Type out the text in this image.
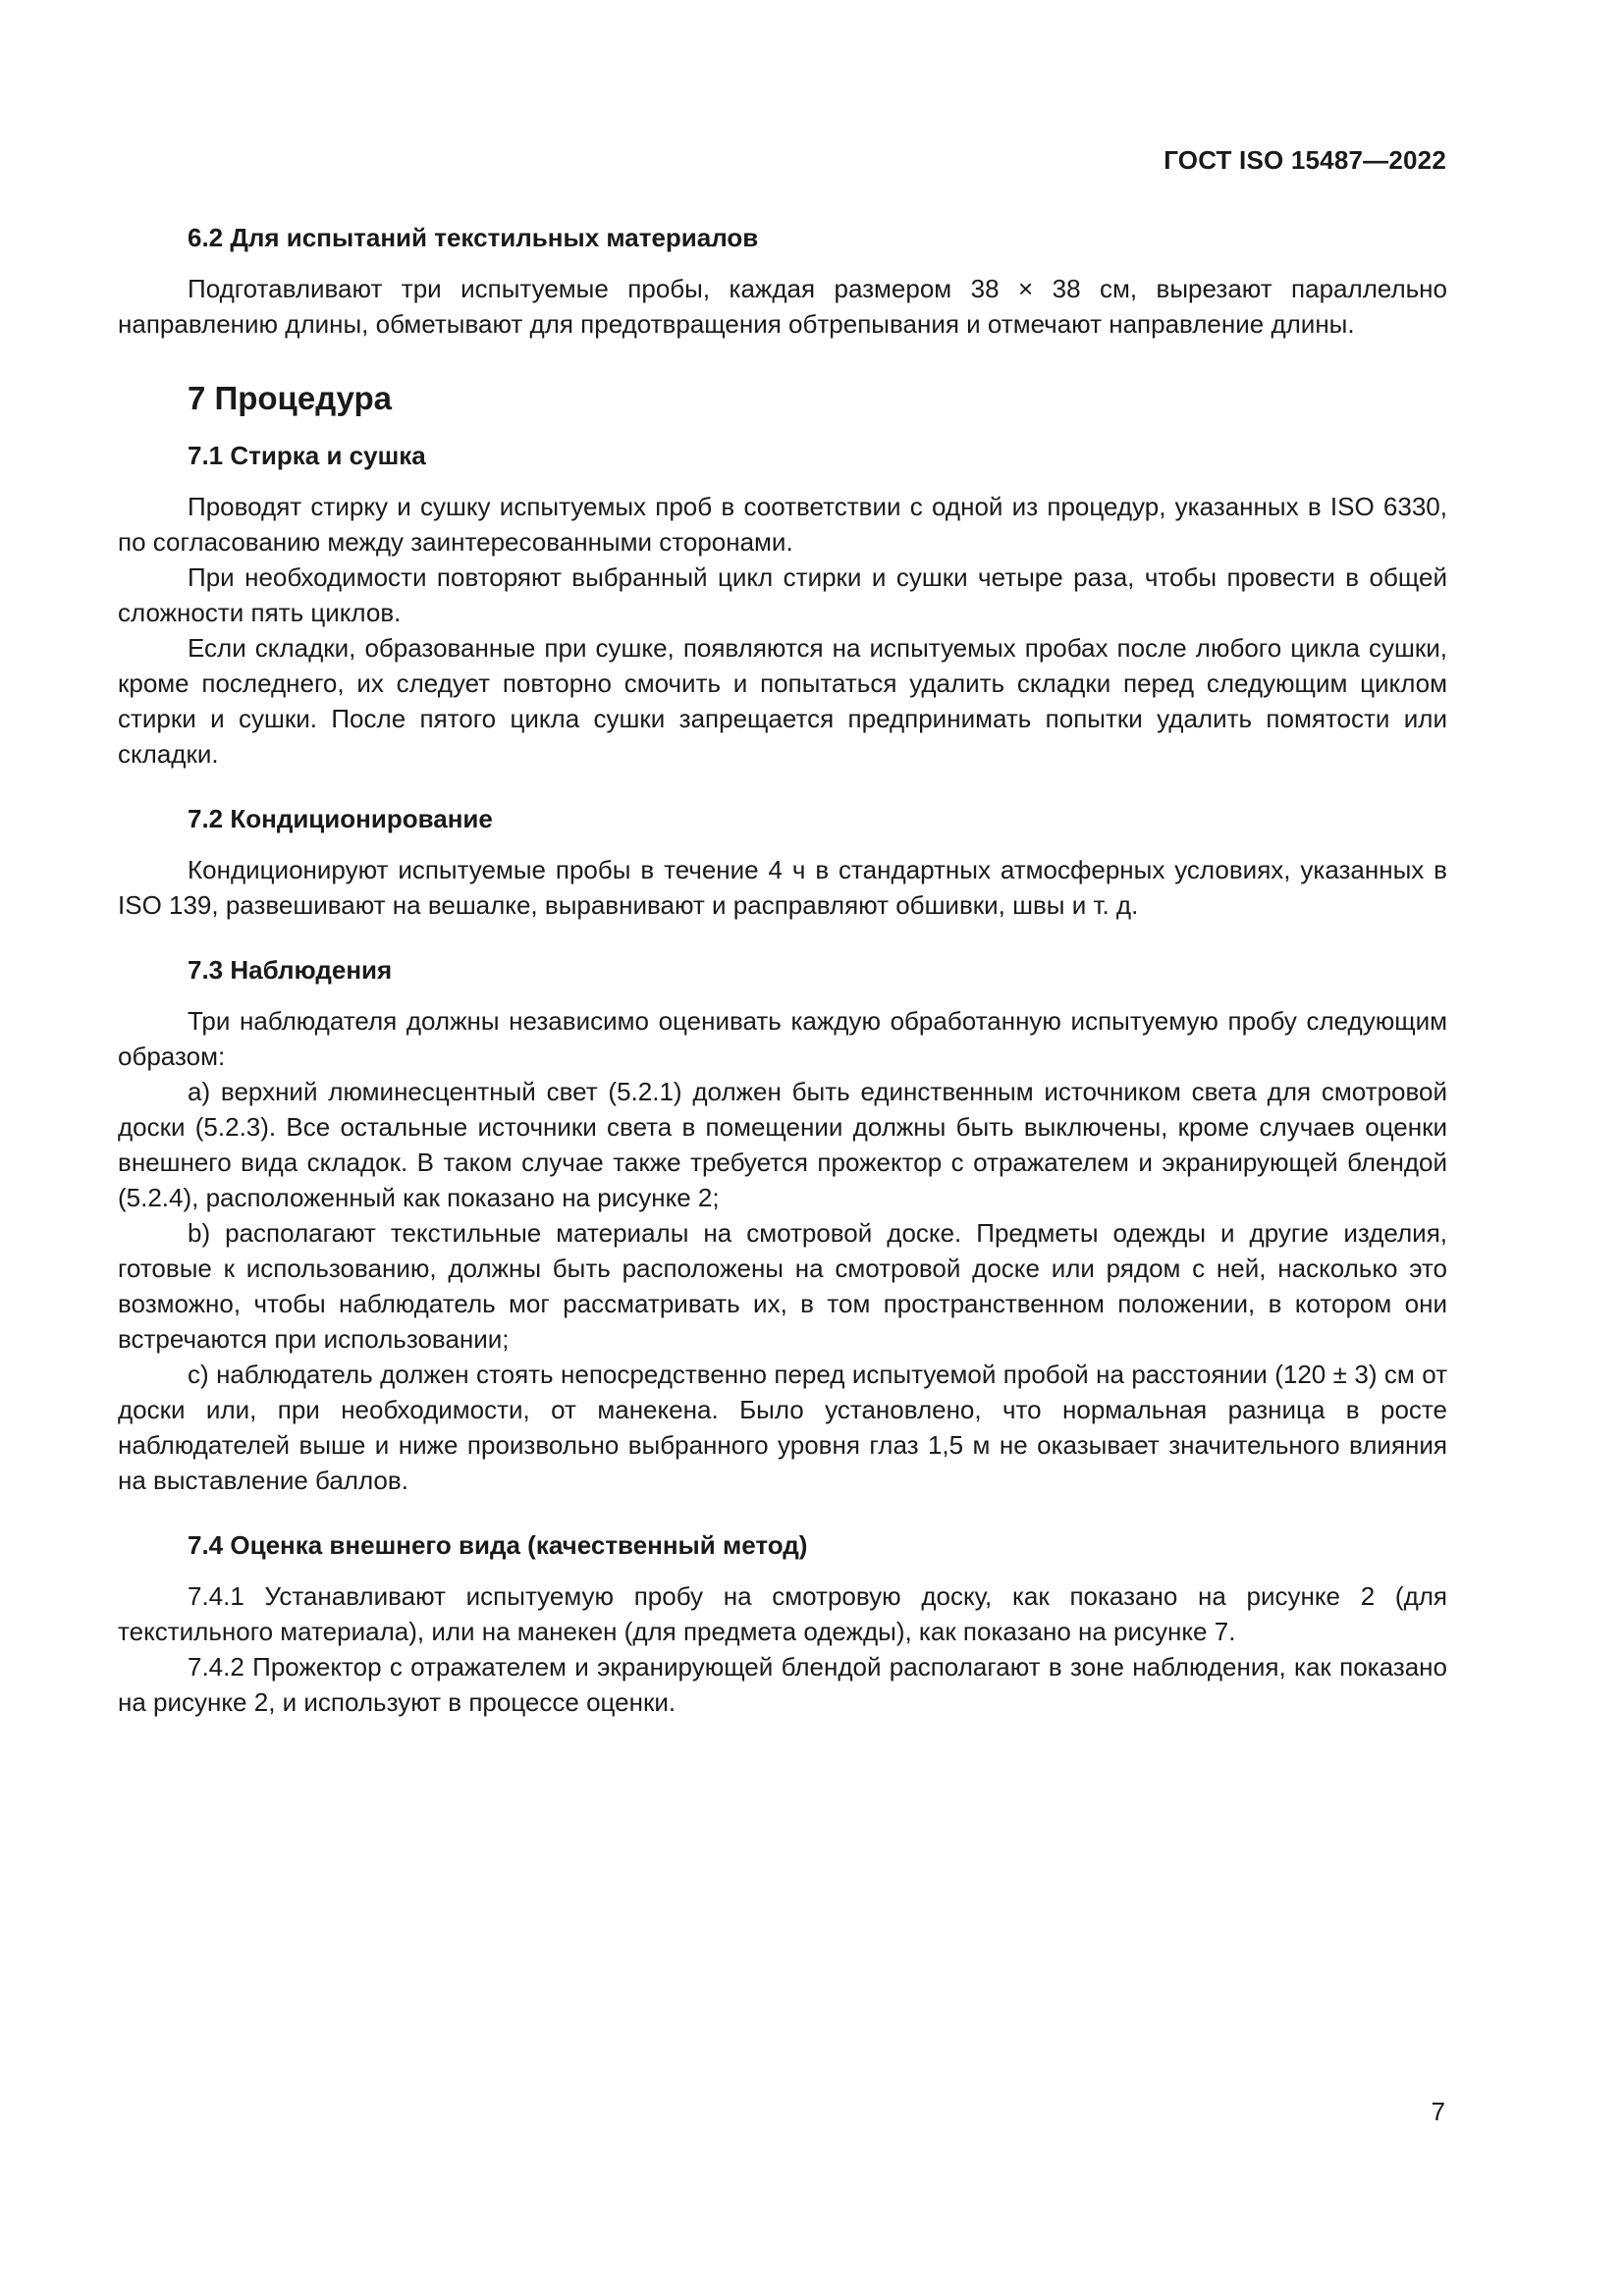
ГОСТ ISO 15487—2022
6.2 Для испытаний текстильных материалов

Подготавливают три испытуемые пробы, каждая размером 38 × 38 см, вырезают параллельно направлению длины, обметывают для предотвращения обтрепывания и отмечают направление длины.

7 Процедура
7.1 Стирка и сушка

Проводят стирку и сушку испытуемых проб в соответствии с одной из процедур, указанных в ISO 6330, по согласованию между заинтересованными сторонами.

При необходимости повторяют выбранный цикл стирки и сушки четыре раза, чтобы провести в общей сложности пять циклов.

Если складки, образованные при сушке, появляются на испытуемых пробах после любого цикла сушки, кроме последнего, их следует повторно смочить и попытаться удалить складки перед следующим циклом стирки и сушки. После пятого цикла сушки запрещается предпринимать попытки удалить помятости или складки.

7.2 Кондиционирование

Кондиционируют испытуемые пробы в течение 4 ч в стандартных атмосферных условиях, указанных в ISO 139, развешивают на вешалке, выравнивают и расправляют обшивки, швы и т. д.

7.3 Наблюдения

Три наблюдателя должны независимо оценивать каждую обработанную испытуемую пробу следующим образом:

a) верхний люминесцентный свет (5.2.1) должен быть единственным источником света для смотровой доски (5.2.3). Все остальные источники света в помещении должны быть выключены, кроме случаев оценки внешнего вида складок. В таком случае также требуется прожектор с отражателем и экранирующей блендой (5.2.4), расположенный как показано на рисунке 2;

b) располагают текстильные материалы на смотровой доске. Предметы одежды и другие изделия, готовые к использованию, должны быть расположены на смотровой доске или рядом с ней, насколько это возможно, чтобы наблюдатель мог рассматривать их, в том пространственном положении, в котором они встречаются при использовании;

c) наблюдатель должен стоять непосредственно перед испытуемой пробой на расстоянии (120 ± 3) см от доски или, при необходимости, от манекена. Было установлено, что нормальная разница в росте наблюдателей выше и ниже произвольно выбранного уровня глаз 1,5 м не оказывает значительного влияния на выставление баллов.

7.4 Оценка внешнего вида (качественный метод)

7.4.1 Устанавливают испытуемую пробу на смотровую доску, как показано на рисунке 2 (для текстильного материала), или на манекен (для предмета одежды), как показано на рисунке 7.

7.4.2 Прожектор с отражателем и экранирующей блендой располагают в зоне наблюдения, как показано на рисунке 2, и используют в процессе оценки.

7
